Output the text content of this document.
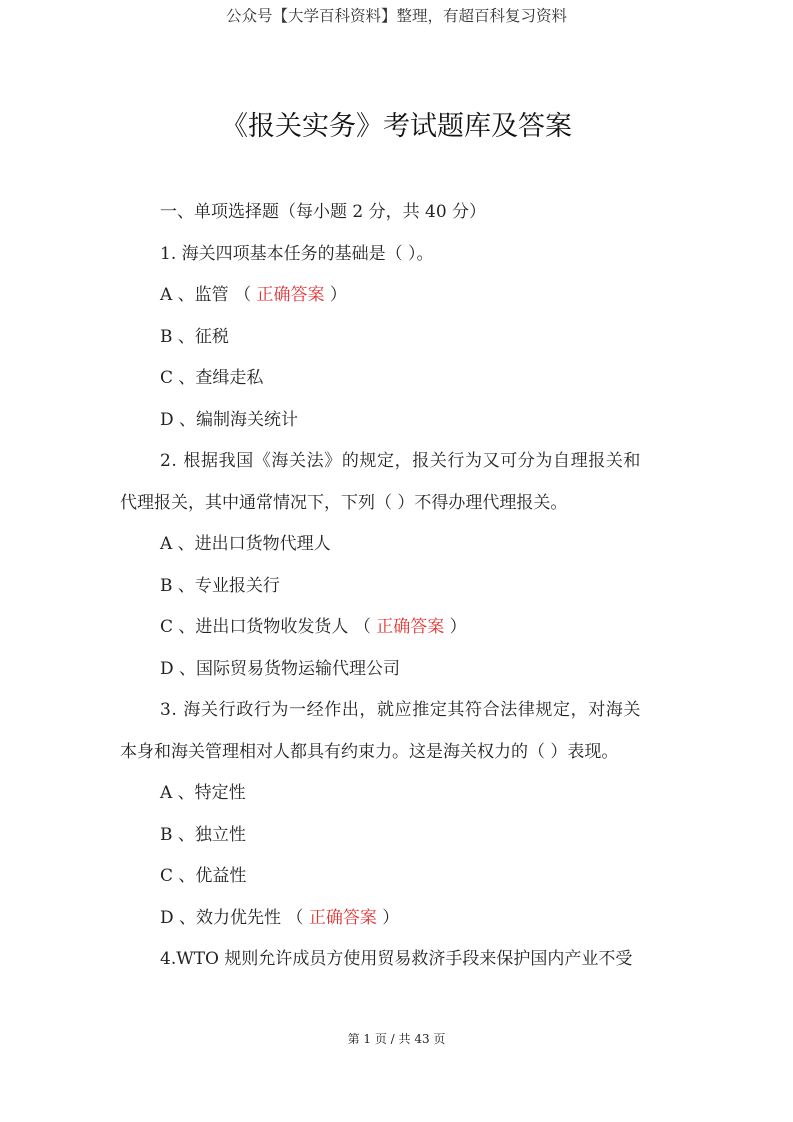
公众号【大学百科资料】整理，有超百科复习资料
《报关实务》考试题库及答案
一、单项选择题（每小题 2 分，共 40 分）
1. 海关四项基本任务的基础是（ ）。
A 、监管 （ 正确答案 ）
B 、征税
C 、查缉走私
D 、编制海关统计
2. 根据我国《海关法》的规定，报关行为又可分为自理报关和
代理报关，其中通常情况下，下列（ ）不得办理代理报关。
A 、进出口货物代理人
B 、专业报关行
C 、进出口货物收发货人 （ 正确答案 ）
D 、国际贸易货物运输代理公司
3. 海关行政行为一经作出，就应推定其符合法律规定，对海关
本身和海关管理相对人都具有约束力。这是海关权力的（ ）表现。
A 、特定性
B 、独立性
C 、优益性
D 、效力优先性 （ 正确答案 ）
4.WTO 规则允许成员方使用贸易救济手段来保护国内产业不受
第 1 页 / 共 43 页
